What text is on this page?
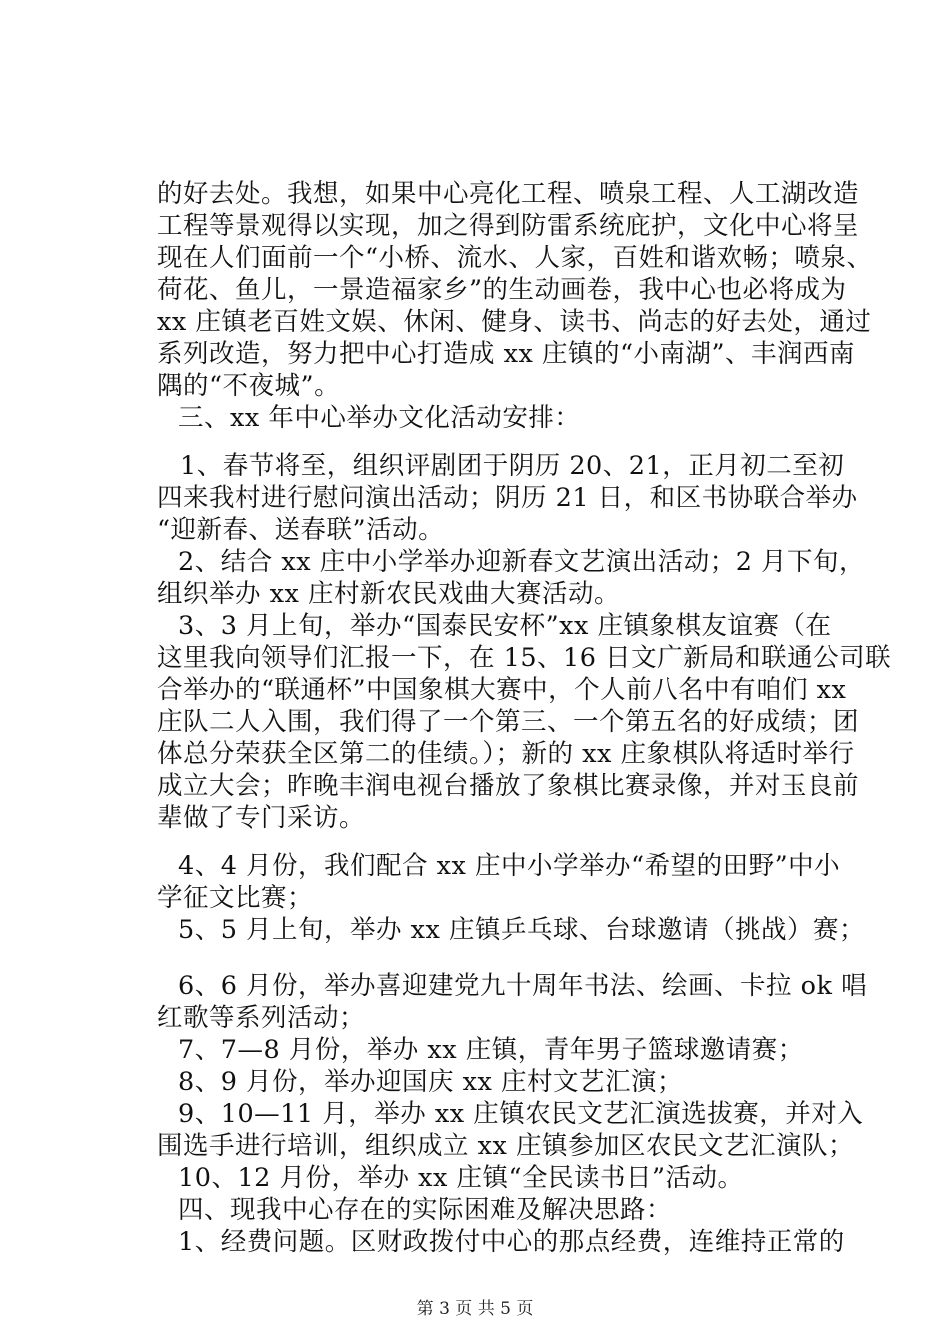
的好去处。我想，如果中心亮化工程、喷泉工程、人工湖改造
工程等景观得以实现，加之得到防雷系统庇护，文化中心将呈
现在人们面前一个“小桥、流水、人家，百姓和谐欢畅；喷泉、
荷花、鱼儿，一景造福家乡”的生动画卷，我中心也必将成为
xx 庄镇老百姓文娱、休闲、健身、读书、尚志的好去处，通过
系列改造，努力把中心打造成 xx 庄镇的“小南湖”、丰润西南
隅的“不夜城”。
三、xx 年中心举办文化活动安排：
1、春节将至，组织评剧团于阴历 20、21，正月初二至初
四来我村进行慰问演出活动；阴历 21 日，和区书协联合举办
“迎新春、送春联”活动。
2、结合 xx 庄中小学举办迎新春文艺演出活动；2 月下旬，
组织举办 xx 庄村新农民戏曲大赛活动。
3、3 月上旬，举办“国泰民安杯”xx 庄镇象棋友谊赛（在
这里我向领导们汇报一下，在 15、16 日文广新局和联通公司联
合举办的“联通杯”中国象棋大赛中，个人前八名中有咱们 xx
庄队二人入围，我们得了一个第三、一个第五名的好成绩；团
体总分荣获全区第二的佳绩。）；新的 xx 庄象棋队将适时举行
成立大会；昨晚丰润电视台播放了象棋比赛录像，并对玉良前
辈做了专门采访。
4、4 月份，我们配合 xx 庄中小学举办“希望的田野”中小
学征文比赛；
5、5 月上旬，举办 xx 庄镇乒乓球、台球邀请（挑战）赛；
6、6 月份，举办喜迎建党九十周年书法、绘画、卡拉 ok 唱
红歌等系列活动；
7、7—8 月份，举办 xx 庄镇，青年男子篮球邀请赛；
8、9 月份，举办迎国庆 xx 庄村文艺汇演；
9、10—11 月，举办 xx 庄镇农民文艺汇演选拔赛，并对入
围选手进行培训，组织成立 xx 庄镇参加区农民文艺汇演队；
10、12 月份，举办 xx 庄镇“全民读书日”活动。
四、现我中心存在的实际困难及解决思路：
1、经费问题。区财政拨付中心的那点经费，连维持正常的
第 3 页 共 5 页
